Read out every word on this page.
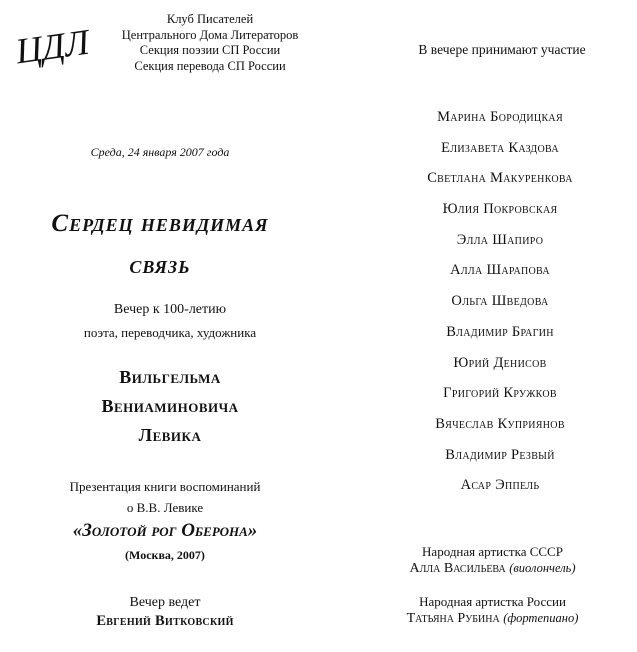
ЦДЛ
Клуб Писателей
Центрального Дома Литераторов
Секция поэзии СП России
Секция перевода СП России
Среда, 24 января 2007 года
Сердец невидимая
связь
Вечер к 100-летию
поэта, переводчика, художника
Вильгельма
Вениаминовича
Левика
Презентация книги воспоминаний
о В.В. Левике
«Золотой рог Оберона»
(Москва, 2007)
Вечер ведет
Евгений Витковский
В вечере принимают участие
Марина Бородицкая
Елизавета Каздова
Светлана Макуренкова
Юлия Покровская
Элла Шапиро
Алла Шарапова
Ольга Шведова
Владимир Брагин
Юрий Денисов
Григорий Кружков
Вячеслав Куприянов
Владимир Резвый
Асар Эппель
Народная артистка СССР
Алла Васильева (виолончель)
Народная артистка России
Татьяна Рубина (фортепиано)
